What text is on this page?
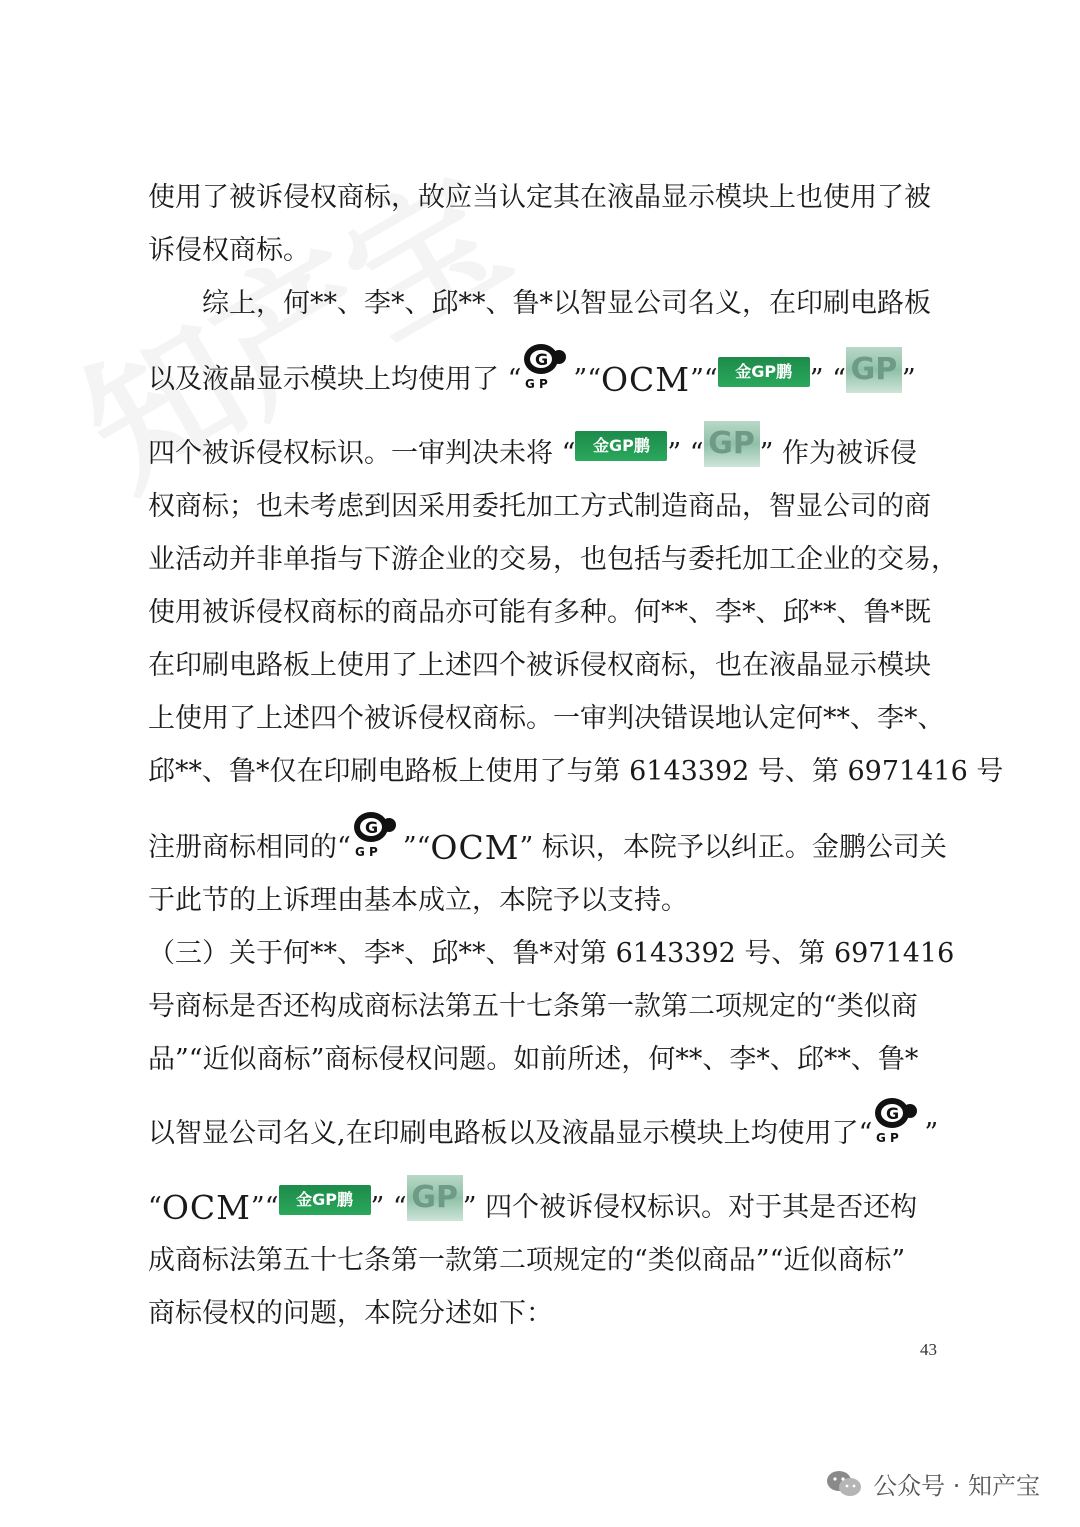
使用了被诉侵权商标，故应当认定其在液晶显示模块上也使用了被
诉侵权商标。
综上，何**、李*、邱**、鲁*以智显公司名义，在印刷电路板
以及液晶显示模块上均使用了 “
G
G P ”“ OCM ”“	金GP鹏 ” “ GP ”
四个被诉侵权标识。一审判决未将 “	金GP鹏 ” “ GP ” 作为被诉侵
权商标；也未考虑到因采用委托加工方式制造商品，智显公司的商
业活动并非单指与下游企业的交易，也包括与委托加工企业的交易，
使用被诉侵权商标的商品亦可能有多种。何**、李*、邱**、鲁*既
在印刷电路板上使用了上述四个被诉侵权商标，也在液晶显示模块
上使用了上述四个被诉侵权商标。一审判决错误地认定何**、李*、
邱**、鲁*仅在印刷电路板上使用了与第 6143392 号、第 6971416 号
注册商标相同的 “
G
G P ”“ OCM ” 标识，本院予以纠正。金鹏公司关
于此节的上诉理由基本成立，本院予以支持。
（三）关于何**、李*、邱**、鲁*对第 6143392 号、第 6971416
号商标是否还构成商标法第五十七条第一款第二项规定的“类似商
品”“近似商标”商标侵权问题。如前所述，何**、李*、邱**、鲁*
以智显公司名义,在印刷电路板以及液晶显示模块上均使用了 “
G
G P ”
“ OCM ”“	金GP鹏 ” “ GP ” 四个被诉侵权标识。对于其是否还构
成商标法第五十七条第一款第二项规定的“类似商品”“近似商标”
商标侵权的问题，本院分述如下：
43
公众号 · 知产宝
